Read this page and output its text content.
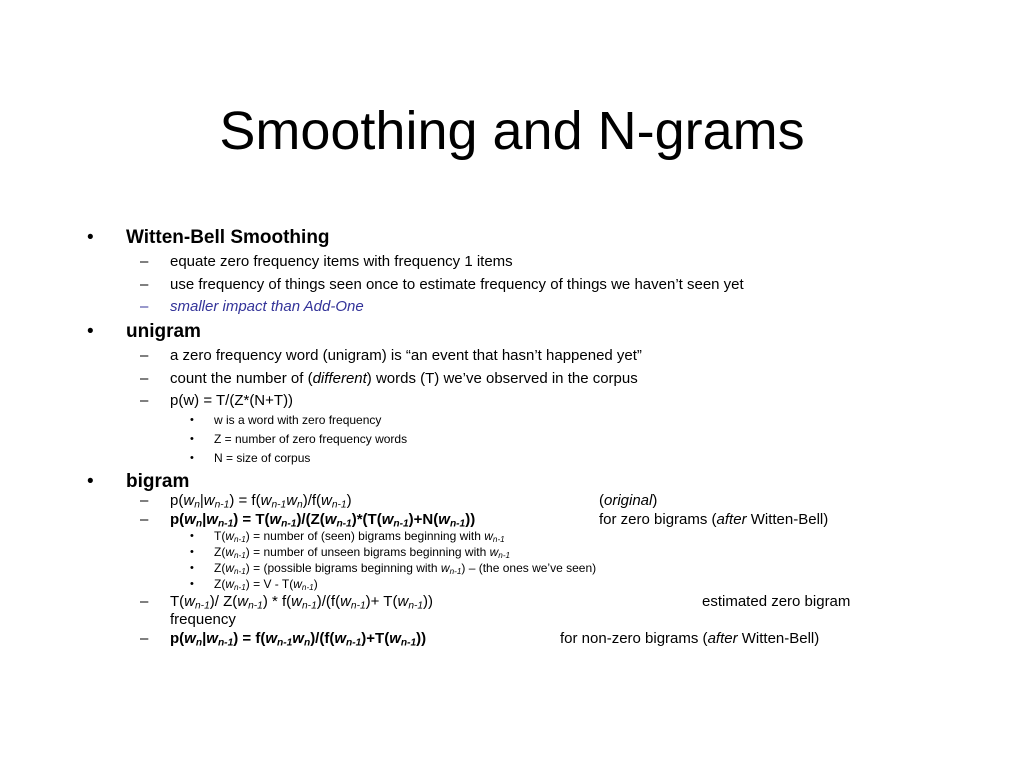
Smoothing and N-grams
• Witten-Bell Smoothing
– equate zero frequency items with frequency 1 items
– use frequency of things seen once to estimate frequency of things we haven’t seen yet
– smaller impact than Add-One
• unigram
– a zero frequency word (unigram) is “an event that hasn’t happened yet”
– count the number of (different) words (T) we’ve observed in the corpus
– p(w) = T/(Z*(N+T))
• w is a word with zero frequency
• Z = number of zero frequency words
• N = size of corpus
• bigram
– $p(w_n|w_{n-1}) = f(w_{n-1}w_n)/f(w_{n-1})$	(original)
– $p(w_n|w_{n-1}) = T(w_{n-1})/(Z(w_{n-1})*(T(w_{n-1})+N(w_{n-1}))$	for zero bigrams (after Witten-Bell)
• $T(w_{n-1})$ = number of (seen) bigrams beginning with $w_{n-1}$
• $Z(w_{n-1})$ = number of unseen bigrams beginning with $w_{n-1}$
• $Z(w_{n-1})$ = (possible bigrams beginning with $w_{n-1}) - (the$ ones we’ve seen)
• $Z(w_{n-1}) = V - T(w_{n-1})$
– $T(w_{n-1})/$ $Z(w_{n-1}) * f(w_{n-1})/(f(w_{n-1})+ T(w_{n-1}))$	estimated zero bigram
frequency
– $p(w_n|w_{n-1}) = f(w_{n-1}w_n)/(f(w_{n-1})+T(w_{n-1}))$	for non-zero bigrams (after Witten-Bell)
